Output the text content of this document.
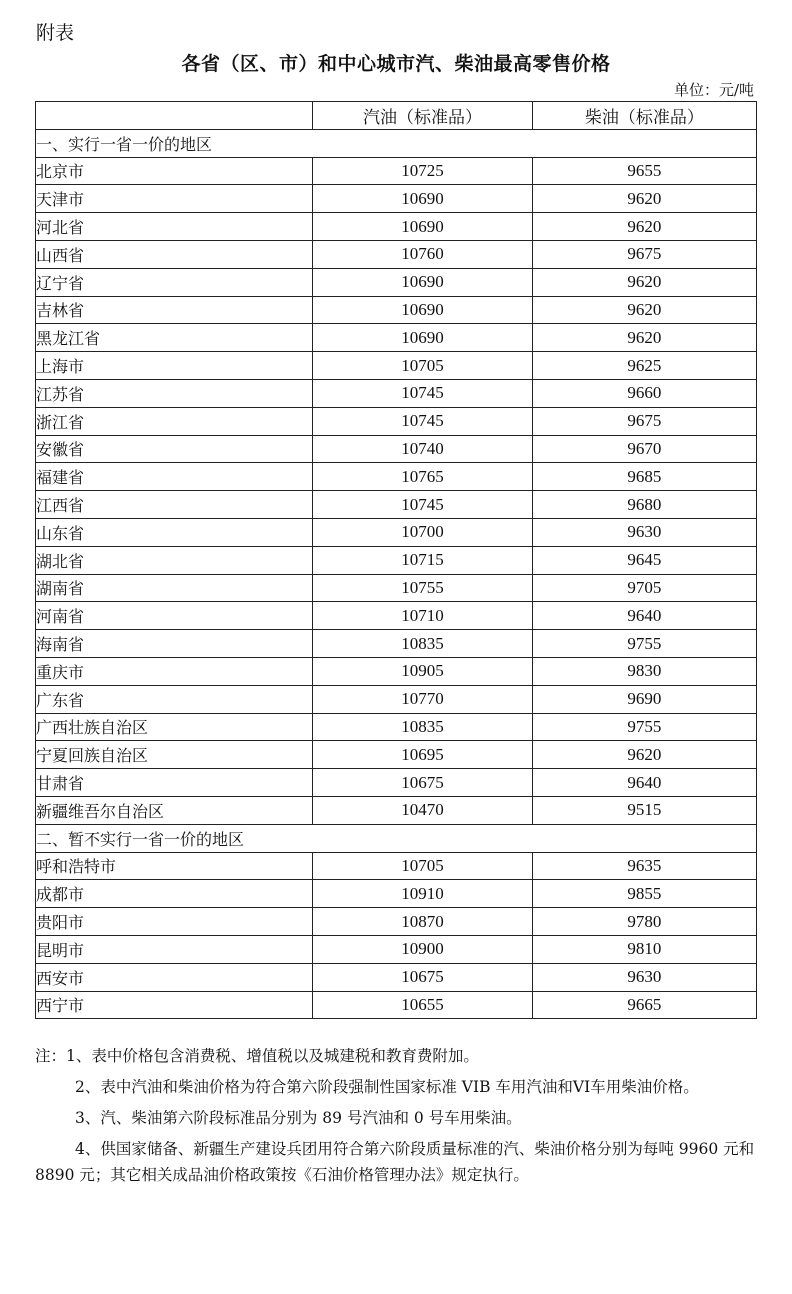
附表
各省（区、市）和中心城市汽、柴油最高零售价格
单位：元/吨
	汽油（标准品）	柴油（标准品）
一、实行一省一价的地区		
北京市	10725	9655
天津市	10690	9620
河北省	10690	9620
山西省	10760	9675
辽宁省	10690	9620
吉林省	10690	9620
黑龙江省	10690	9620
上海市	10705	9625
江苏省	10745	9660
浙江省	10745	9675
安徽省	10740	9670
福建省	10765	9685
江西省	10745	9680
山东省	10700	9630
湖北省	10715	9645
湖南省	10755	9705
河南省	10710	9640
海南省	10835	9755
重庆市	10905	9830
广东省	10770	9690
广西壮族自治区	10835	9755
宁夏回族自治区	10695	9620
甘肃省	10675	9640
新疆维吾尔自治区	10470	9515
二、暂不实行一省一价的地区		
呼和浩特市	10705	9635
成都市	10910	9855
贵阳市	10870	9780
昆明市	10900	9810
西安市	10675	9630
西宁市	10655	9665

注：1、表中价格包含消费税、增值税以及城建税和教育费附加。

2、表中汽油和柴油价格为符合第六阶段强制性国家标准 VIB 车用汽油和VI车用柴油价格。

3、汽、柴油第六阶段标准品分别为 89 号汽油和 0 号车用柴油。

4、供国家储备、新疆生产建设兵团用符合第六阶段质量标准的汽、柴油价格分别为每吨 9960 元和 8890 元；其它相关成品油价格政策按《石油价格管理办法》规定执行。
